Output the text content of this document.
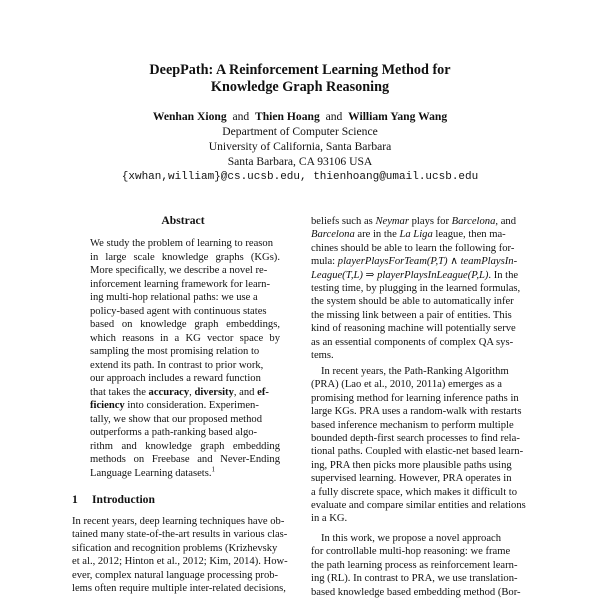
DeepPath: A Reinforcement Learning Method for
Knowledge Graph Reasoning
Wenhan Xiong and Thien Hoang and William Yang Wang
Department of Computer Science
University of California, Santa Barbara
Santa Barbara, CA 93106 USA
{xwhan,william}@cs.ucsb.edu, thienhoang@umail.ucsb.edu
Abstract
We study the problem of learning to reason
in large scale knowledge graphs (KGs).
More specifically, we describe a novel re-
inforcement learning framework for learn-
ing multi-hop relational paths: we use a
policy-based agent with continuous states
based on knowledge graph embeddings,
which reasons in a KG vector space by
sampling the most promising relation to
extend its path. In contrast to prior work,
our approach includes a reward function
that takes the accuracy, diversity, and ef-
ficiency into consideration. Experimen-
tally, we show that our proposed method
outperforms a path-ranking based algo-
rithm and knowledge graph embedding
methods on Freebase and Never-Ending
Language Learning datasets.$^1$
1 Introduction
In recent years, deep learning techniques have ob-
tained many state-of-the-art results in various clas-
sification and recognition problems (Krizhevsky
et al., 2012; Hinton et al., 2012; Kim, 2014). How-
ever, complex natural language processing prob-
lems often require multiple inter-related decisions,
beliefs such as Neymar plays for Barcelona, and
Barcelona are in the La Liga league, then ma-
chines should be able to learn the following for-
mula: playerPlaysForTeam(P,T) ∧ teamPlaysIn-
League(T,L) ⇒ playerPlaysInLeague(P,L). In the
testing time, by plugging in the learned formulas,
the system should be able to automatically infer
the missing link between a pair of entities. This
kind of reasoning machine will potentially serve
as an essential components of complex QA sys-
tems.
In recent years, the Path-Ranking Algorithm
(PRA) (Lao et al., 2010, 2011a) emerges as a
promising method for learning inference paths in
large KGs. PRA uses a random-walk with restarts
based inference mechanism to perform multiple
bounded depth-first search processes to find rela-
tional paths. Coupled with elastic-net based learn-
ing, PRA then picks more plausible paths using
supervised learning. However, PRA operates in
a fully discrete space, which makes it difficult to
evaluate and compare similar entities and relations
in a KG.
In this work, we propose a novel approach
for controllable multi-hop reasoning: we frame
the path learning process as reinforcement learn-
ing (RL). In contrast to PRA, we use translation-
based knowledge based embedding method (Bor-
